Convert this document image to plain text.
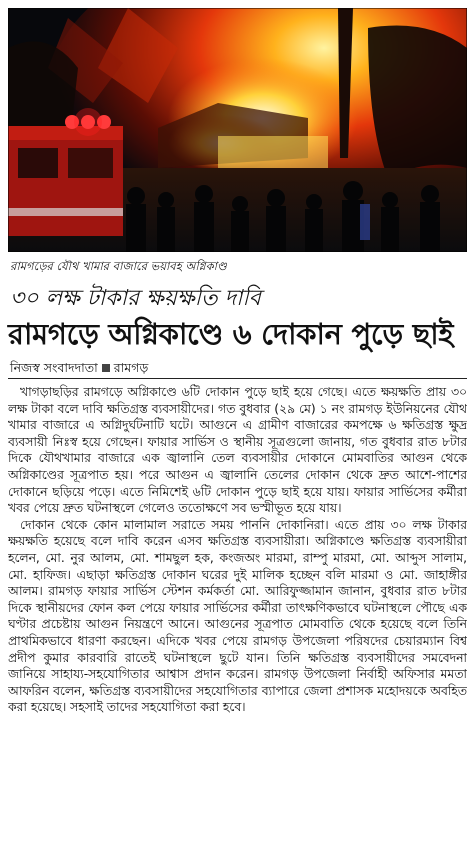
রামগড়ের যৌথ খামার বাজারে ভয়াবহ অগ্নিকাণ্ড
৩০ লক্ষ টাকার ক্ষয়ক্ষতি দাবি
রামগড়ে অগ্নিকাণ্ডে ৬ দোকান পুড়ে ছাই
নিজস্ব সংবাদদাতা রামগড়

খাগড়াছড়ির রামগড়ে অগ্নিকাণ্ডে ৬টি দোকান পুড়ে ছাই হয়ে গেছে। এতে ক্ষয়ক্ষতি প্রায় ৩০ লক্ষ টাকা বলে দাবি ক্ষতিগ্রস্ত ব্যবসায়ীদের। গত বুধবার (২৯ মে) ১ নং রামগড় ইউনিয়নের যৌথ খামার বাজারে এ অগ্নিদুর্ঘটনাটি ঘটে। আগুনে এ গ্রামীণ বাজারের কমপক্ষে ৬ ক্ষতিগ্রস্ত ক্ষুদ্র ব্যবসায়ী নিঃস্ব হয়ে গেছেন। ফায়ার সার্ভিস ও স্থানীয় সূত্রগুলো জানায়, গত বুধবার রাত ৮টার দিকে যৌথখামার বাজারে এক জ্বালানি তেল ব্যবসায়ীর দোকানে মোমবাতির আগুন থেকে অগ্নিকাণ্ডের সূত্রপাত হয়। পরে আগুন এ জ্বালানি তেলের দোকান থেকে দ্রুত আশে-পাশের দোকানে ছড়িয়ে পড়ে। এতে নিমিশেই ৬টি দোকান পুড়ে ছাই হয়ে যায়। ফায়ার সার্ভিসের কর্মীরা খবর পেয়ে দ্রুত ঘটনাস্থলে গেলেও ততোক্ষণে সব ভস্মীভূত হয়ে যায়।

দোকান থেকে কোন মালামাল সরাতে সময় পাননি দোকানিরা। এতে প্রায় ৩০ লক্ষ টাকার ক্ষয়ক্ষতি হয়েছে বলে দাবি করেন এসব ক্ষতিগ্রস্ত ব্যবসায়ীরা। অগ্নিকাণ্ডে ক্ষতিগ্রস্ত ব্যবসায়ীরা হলেন, মো. নুর আলম, মো. শামছুল হক, কংজঅং মারমা, রাম্পু মারমা, মো. আব্দুস সালাম, মো. হাফিজ। এছাড়া ক্ষতিগ্রস্ত দোকান ঘরের দুই মালিক হচ্ছেন বলি মারমা ও মো. জাহাঙ্গীর আলম। রামগড় ফায়ার সার্ভিস স্টেশন কর্মকর্তা মো. আরিফুজ্জামান জানান, বুধবার রাত ৮টার দিকে স্থানীয়দের ফোন কল পেয়ে ফায়ার সার্ভিসের কর্মীরা তাৎক্ষণিকভাবে ঘটনাস্থলে পৌছে এক ঘণ্টার প্রচেষ্টায় আগুন নিয়ন্ত্রণে আনে। আগুনের সূত্রপাত মোমবাতি থেকে হয়েছে বলে তিনি প্রাথমিকভাবে ধারণা করছেন। এদিকে খবর পেয়ে রামগড় উপজেলা পরিষদের চেয়ারম্যান বিশ্ব প্রদীপ কুমার কারবারি রাতেই ঘটনাস্থলে ছুটে যান। তিনি ক্ষতিগ্রস্ত ব্যবসায়ীদের সমবেদনা জানিয়ে সাহায্য-সহযোগিতার আশ্বাস প্রদান করেন। রামগড় উপজেলা নির্বাহী অফিসার মমতা আফরিন বলেন, ক্ষতিগ্রস্ত ব্যবসায়ীদের সহযোগিতার ব্যাপারে জেলা প্রশাসক মহোদয়কে অবহিত করা হয়েছে। সহসাই তাদের সহযোগিতা করা হবে।
